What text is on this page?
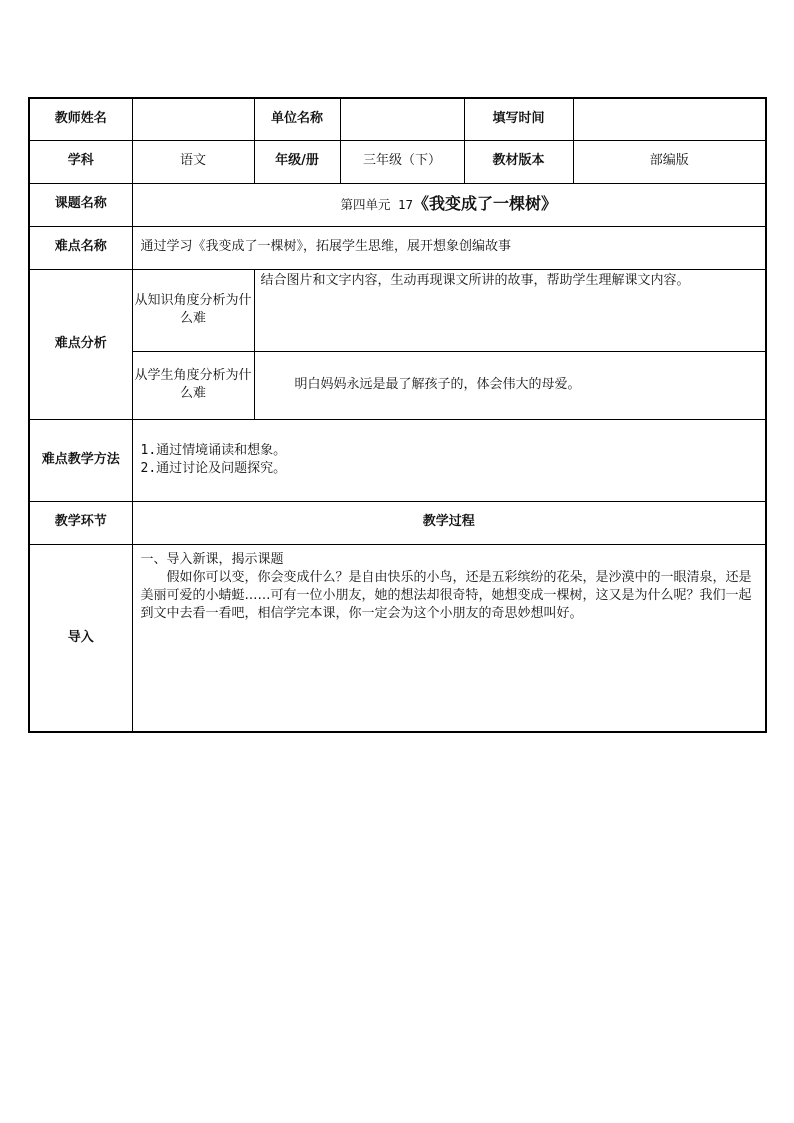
教师姓名		单位名称		填写时间	
学科	语文	年级/册	三年级（下）	教材版本	部编版
课题名称	第四单元 17《我变成了一棵树》				
难点名称	通过学习《我变成了一棵树》，拓展学生思维，展开想象创编故事				
难点分析	从知识角度分析为什么难	结合图片和文字内容，生动再现课文所讲的故事，帮助学生理解课文内容。			
	从学生角度分析为什么难	明白妈妈永远是最了解孩子的，体会伟大的母爱。			
难点教学方法	1.通过情境诵读和想象。

2.通过讨论及问题探究。				

教学环节	教学过程				
导入	一、导入新课，揭示课题

假如你可以变，你会变成什么？是自由快乐的小鸟，还是五彩缤纷的花朵，是沙漠中的一眼清泉，还是美丽可爱的小蜻蜓……可有一位小朋友，她的想法却很奇特，她想变成一棵树，这又是为什么呢？我们一起到文中去看一看吧，相信学完本课，你一定会为这个小朋友的奇思妙想叫好。				
